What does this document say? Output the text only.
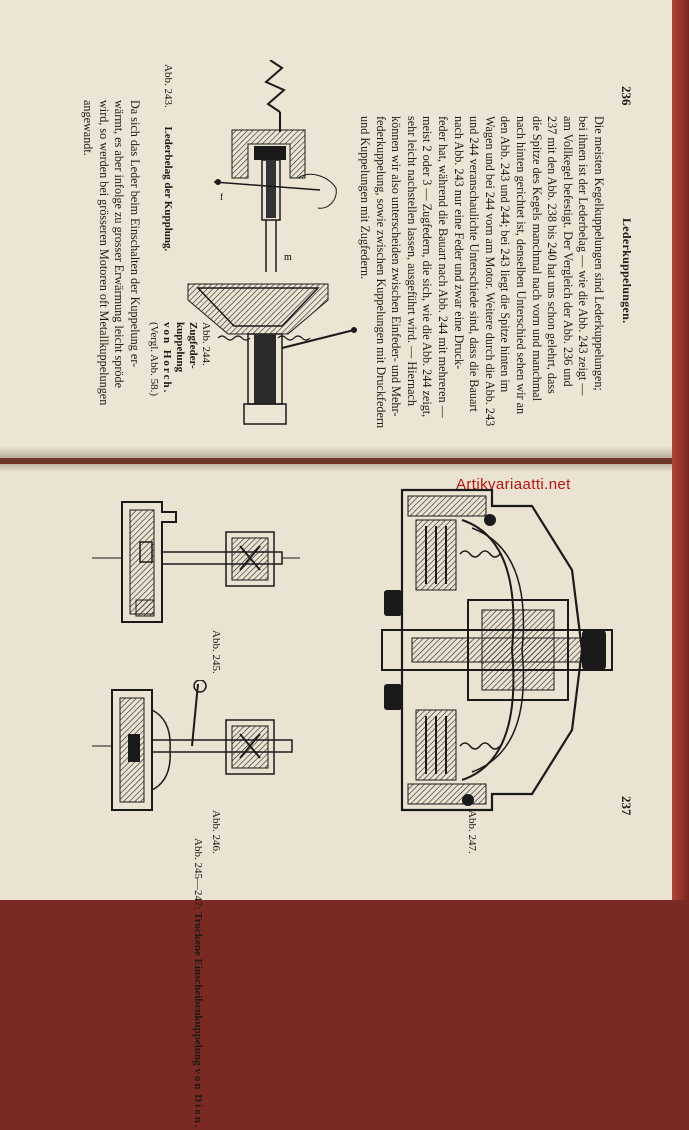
236
Lederkuppelungen.
Die meisten Kegelkuppelungen sind Lederkuppelungen;
bei ihnen ist der Lederbelag — wie die Abb. 243 zeigt —
am Vollkegel befestigt. Der Vergleich der Abb. 236 und
237 mit den Abb. 238 bis 240 hat uns schon gelehrt, dass
die Spitze des Kegels manchmal nach vorn und manchmal
nach hinten gerichtet ist, denselben Unterschied sehen wir an
den Abb. 243 und 244; bei 243 liegt die Spitze hinten im
Wagen und bei 244 vorn am Motor. Weitere durch die Abb. 243
und 244 veranschaulichte Unterschiede sind, dass die Bauart
nach Abb. 243 nur eine Feder und zwar eine Druck-
feder hat, während die Bauart nach Abb. 244 mit mehreren —
meist 2 oder 3 — Zugfedern, die sich, wie die Abb. 244 zeigt,
sehr leicht nachstellen lassen, ausgeführt wird. — Hiernach
können wir also unterscheiden zwischen Einfeder- und Mehr-
federkuppelung, sowie zwischen Kuppelungen mit Druckfedern
und Kuppelungen mit Zugfedern.
Abb. 243. Lederbelag der Kupplung.
Abb. 244.
Zugfeder-
kuppelung
von Horch.
(Vergl. Abb. 58.)
Da sich das Leder beim Einschalten der Kuppelung er-
wärmt, es aber infolge zu grosser Erwärmung leicht spröde
wird, so werden bei grösseren Motoren oft Metallkuppelungen
angewandt.
m
f
Artikvariaatti.net
237
Abb. 245.
Abb. 246.	Abb. 247.
Abb. 245—247: Trockene Einscheibenkuppelung von Dion.
